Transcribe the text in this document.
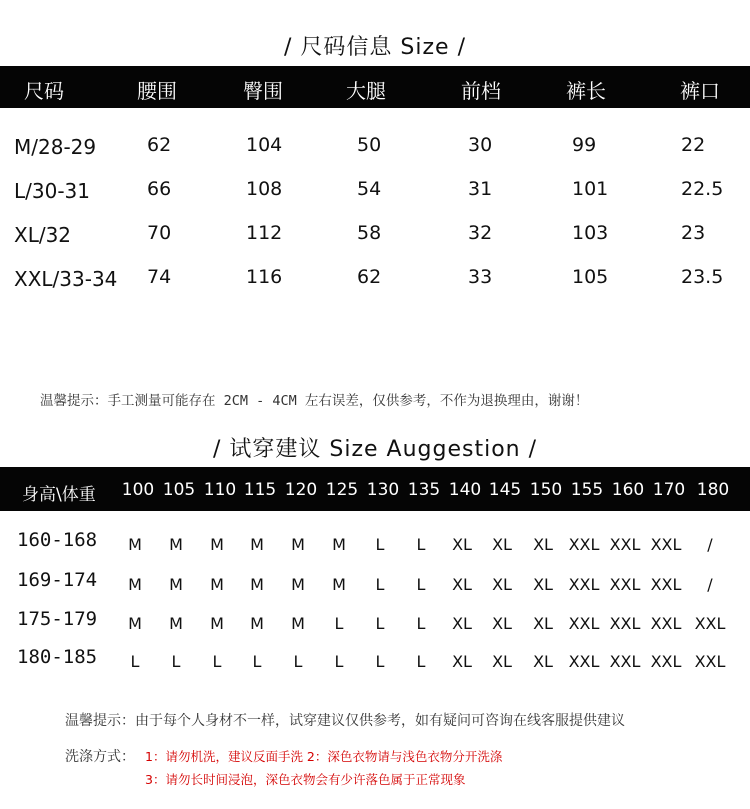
/ 尺码信息 Size /
尺码	腰围	臀围	大腿	前档	裤长	裤口
M/28-29	62	104	50	30	99	22
L/30-31	66	108	54	31	101	22.5
XL/32	70	112	58	32	103	23
XXL/33-34 74	116	62	33	105	23.5
温馨提示：手工测量可能存在 2CM - 4CM 左右误差，仅供参考，不作为退换理由，谢谢！
/ 试穿建议 Size Auggestion /
身高\体重 100 105 110 115 120 125 130 135 140 145 150 155 160 170 180
160-168 M M M M M M L L XL XL XL XXL XXL XXL /
169-174 M M M M M M L L XL XL XL XXL XXL XXL /
175-179 M M M M M L L L XL XL XL XXL XXL XXL XXL
180-185 L L L L L L L L XL XL XL XXL XXL XXL XXL
温馨提示：由于每个人身材不一样，试穿建议仅供参考，如有疑问可咨询在线客服提供建议
洗涤方式： 1：请勿机洗，建议反面手洗 2：深色衣物请与浅色衣物分开洗涤
3：请勿长时间浸泡，深色衣物会有少许落色属于正常现象
